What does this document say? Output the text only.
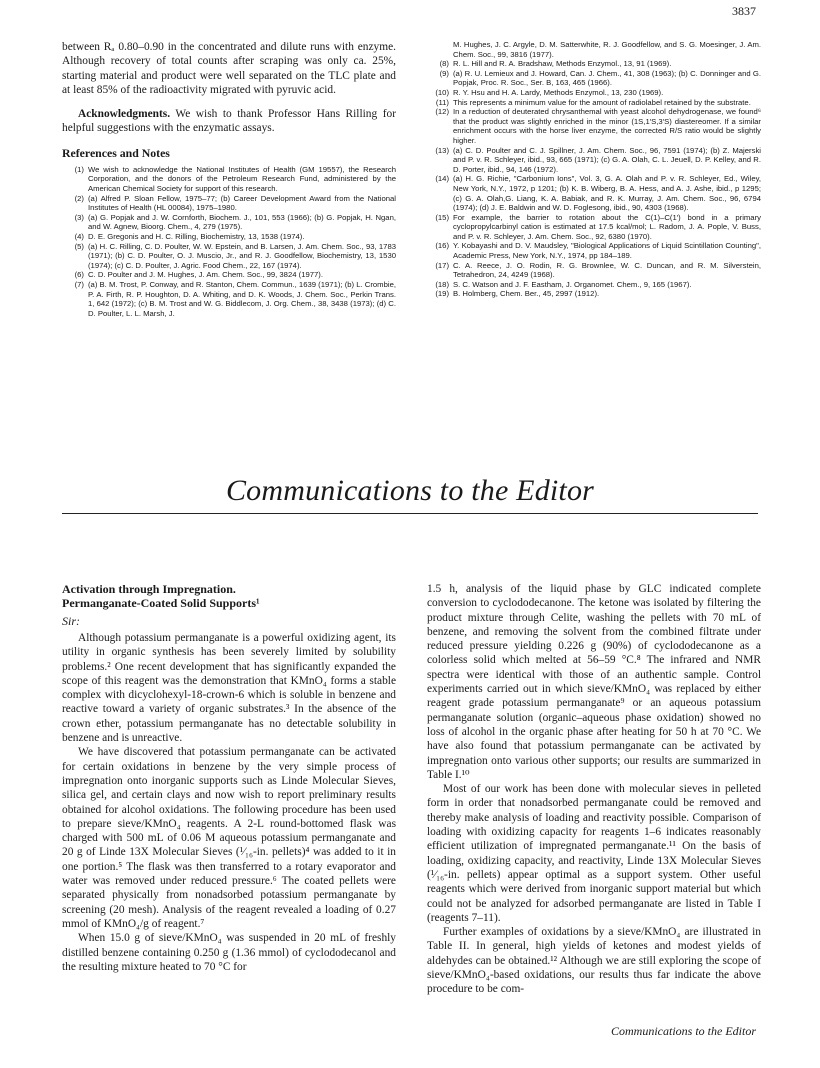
3837

between Rₐ 0.80–0.90 in the concentrated and dilute runs with enzyme. Although recovery of total counts after scraping was only ca. 25%, starting material and product were well separated on the TLC plate and at least 85% of the radioactivity migrated with pyruvic acid.

Acknowledgments. We wish to thank Professor Hans Rilling for helpful suggestions with the enzymatic assays.

References and Notes
(1) We wish to acknowledge the National Institutes of Health (GM 19557), the Research Corporation, and the donors of the Petroleum Research Fund, administered by the American Chemical Society for support of this research.
(2) (a) Alfred P. Sloan Fellow, 1975–77; (b) Career Development Award from the National Institutes of Health (HL 00084), 1975–1980.
(3) (a) G. Popjak and J. W. Cornforth, Biochem. J., 101, 553 (1966); (b) G. Popjak, H. Ngan, and W. Agnew, Bioorg. Chem., 4, 279 (1975).
(4) D. E. Gregonis and H. C. Rilling, Biochemistry, 13, 1538 (1974).
(5) (a) H. C. Rilling, C. D. Poulter, W. W. Epstein, and B. Larsen, J. Am. Chem. Soc., 93, 1783 (1971); (b) C. D. Poulter, O. J. Muscio, Jr., and R. J. Goodfellow, Biochemistry, 13, 1530 (1974); (c) C. D. Poulter, J. Agric. Food Chem., 22, 167 (1974).
(6) C. D. Poulter and J. M. Hughes, J. Am. Chem. Soc., 99, 3824 (1977).
(7) (a) B. M. Trost, P. Conway, and R. Stanton, Chem. Commun., 1639 (1971); (b) L. Crombie, P. A. Firth, R. P. Houghton, D. A. Whiting, and D. K. Woods, J. Chem. Soc., Perkin Trans. 1, 642 (1972); (c) B. M. Trost and W. G. Biddlecom, J. Org. Chem., 38, 3438 (1973); (d) C. D. Poulter, L. L. Marsh, J.
M. Hughes, J. C. Argyle, D. M. Satterwhite, R. J. Goodfellow, and S. G. Moesinger, J. Am. Chem. Soc., 99, 3816 (1977).
(8) R. L. Hill and R. A. Bradshaw, Methods Enzymol., 13, 91 (1969).
(9) (a) R. U. Lemieux and J. Howard, Can. J. Chem., 41, 308 (1963); (b) C. Donninger and G. Popjak, Proc. R. Soc., Ser. B, 163, 465 (1966).
(10) R. Y. Hsu and H. A. Lardy, Methods Enzymol., 13, 230 (1969).
(11) This represents a minimum value for the amount of radiolabel retained by the substrate.
(12) In a reduction of deuterated chrysanthemal with yeast alcohol dehydrogenase, we found⁶ that the product was slightly enriched in the minor (1S,1′S,3′S) diastereomer. If a similar enrichment occurs with the horse liver enzyme, the corrected R/S ratio would be slightly higher.
(13) (a) C. D. Poulter and C. J. Spillner, J. Am. Chem. Soc., 96, 7591 (1974); (b) Z. Majerski and P. v. R. Schleyer, ibid., 93, 665 (1971); (c) G. A. Olah, C. L. Jeuell, D. P. Kelley, and R. D. Porter, ibid., 94, 146 (1972).
(14) (a) H. G. Richie, "Carbonium Ions", Vol. 3, G. A. Olah and P. v. R. Schleyer, Ed., Wiley, New York, N.Y., 1972, p 1201; (b) K. B. Wiberg, B. A. Hess, and A. J. Ashe, ibid., p 1295; (c) G. A. Olah,G. Liang, K. A. Babiak, and R. K. Murray, J. Am. Chem. Soc., 96, 6794 (1974); (d) J. E. Baldwin and W. D. Foglesong, ibid., 90, 4303 (1968).
(15) For example, the barrier to rotation about the C(1)–C(1′) bond in a primary cyclopropylcarbinyl cation is estimated at 17.5 kcal/mol; L. Radom, J. A. Pople, V. Buss, and P. v. R. Schleyer, J. Am. Chem. Soc., 92, 6380 (1970).
(16) Y. Kobayashi and D. V. Maudsley, "Biological Applications of Liquid Scintillation Counting", Academic Press, New York, N.Y., 1974, pp 184–189.
(17) C. A. Reece, J. O. Rodin, R. G. Brownlee, W. C. Duncan, and R. M. Silverstein, Tetrahedron, 24, 4249 (1968).
(18) S. C. Watson and J. F. Eastham, J. Organomet. Chem., 9, 165 (1967).
(19) B. Holmberg, Chem. Ber., 45, 2997 (1912).
Communications to the Editor

Activation through Impregnation.
Permanganate-Coated Solid Supports¹

Sir:

Although potassium permanganate is a powerful oxidizing agent, its utility in organic synthesis has been severely limited by solubility problems.² One recent development that has significantly expanded the scope of this reagent was the demonstration that KMnO₄ forms a stable complex with dicyclohexyl-18-crown-6 which is soluble in benzene and reactive toward a variety of organic substrates.³ In the absence of the crown ether, potassium permanganate has no detectable solubility in benzene and is unreactive.

We have discovered that potassium permanganate can be activated for certain oxidations in benzene by the very simple process of impregnation onto inorganic supports such as Linde Molecular Sieves, silica gel, and certain clays and now wish to report preliminary results obtained for alcohol oxidations. The following procedure has been used to prepare sieve/KMnO₄ reagents. A 2-L round-bottomed flask was charged with 500 mL of 0.06 M aqueous potassium permanganate and 20 g of Linde 13X Molecular Sieves (¹⁄₁₆-in. pellets)⁴ was added to it in one portion.⁵ The flask was then transferred to a rotary evaporator and water was removed under reduced pressure.⁶ The coated pellets were separated physically from nonadsorbed potassium permanganate by screening (20 mesh). Analysis of the reagent revealed a loading of 0.27 mmol of KMnO₄/g of reagent.⁷

When 15.0 g of sieve/KMnO₄ was suspended in 20 mL of freshly distilled benzene containing 0.250 g (1.36 mmol) of cyclododecanol and the resulting mixture heated to 70 °C for

1.5 h, analysis of the liquid phase by GLC indicated complete conversion to cyclododecanone. The ketone was isolated by filtering the product mixture through Celite, washing the pellets with 70 mL of benzene, and removing the solvent from the combined filtrate under reduced pressure yielding 0.226 g (90%) of cyclododecanone as a colorless solid which melted at 56–59 °C.⁸ The infrared and NMR spectra were identical with those of an authentic sample. Control experiments carried out in which sieve/KMnO₄ was replaced by either reagent grade potassium permanganate⁹ or an aqueous potassium permanganate solution (organic–aqueous phase oxidation) showed no loss of alcohol in the organic phase after heating for 50 h at 70 °C. We have also found that potassium permanganate can be activated by impregnation onto various other supports; our results are summarized in Table I.¹⁰

Most of our work has been done with molecular sieves in pelleted form in order that nonadsorbed permanganate could be removed and thereby make analysis of loading and reactivity possible. Comparison of loading with oxidizing capacity for reagents 1–6 indicates reasonably efficient utilization of impregnated permanganate.¹¹ On the basis of loading, oxidizing capacity, and reactivity, Linde 13X Molecular Sieves (¹⁄₁₆-in. pellets) appear optimal as a support system. Other useful reagents which were derived from inorganic support material but which could not be analyzed for adsorbed permanganate are listed in Table I (reagents 7–11).

Further examples of oxidations by a sieve/KMnO₄ are illustrated in Table II. In general, high yields of ketones and modest yields of aldehydes can be obtained.¹² Although we are still exploring the scope of sieve/KMnO₄-based oxidations, our results thus far indicate the above procedure to be com-

Communications to the Editor
